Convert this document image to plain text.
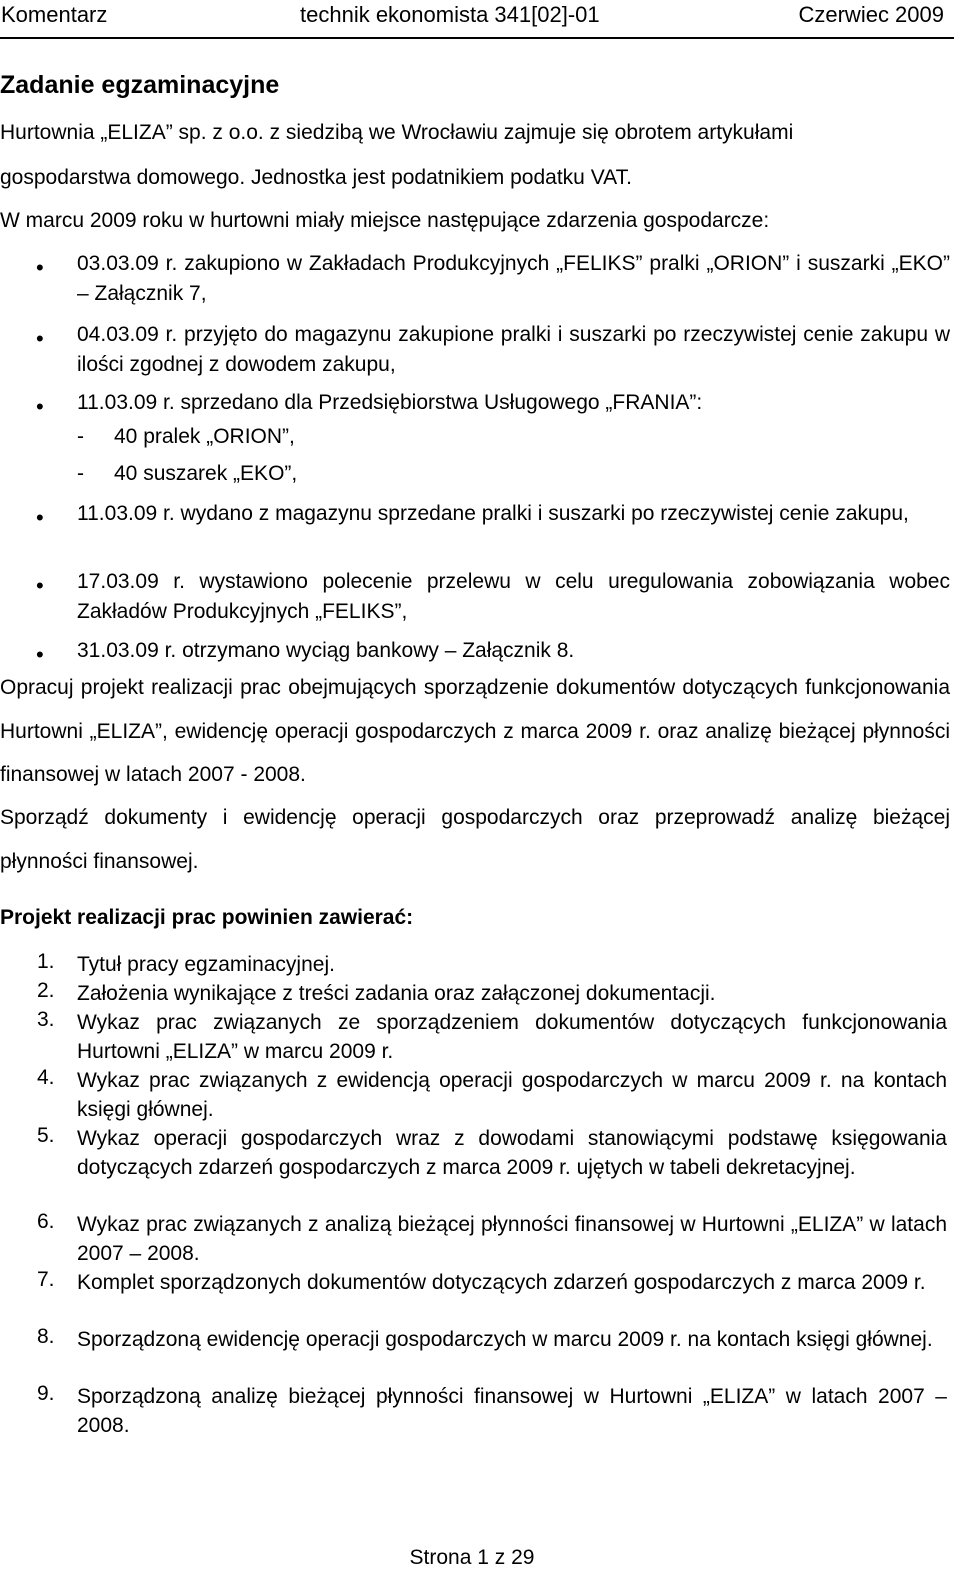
Komentarz	technik ekonomista 341[02]-01	Czerwiec 2009
Zadanie egzaminacyjne
Hurtownia „ELIZA” sp. z o.o. z siedzibą we Wrocławiu zajmuje się obrotem artykułami
gospodarstwa domowego. Jednostka jest podatnikiem podatku VAT.
W marcu 2009 roku w hurtowni miały miejsce następujące zdarzenia gospodarcze:
•
03.03.09 r. zakupiono w Zakładach Produkcyjnych „FELIKS” pralki „ORION” i suszarki „EKO” – Załącznik 7,
•
04.03.09 r. przyjęto do magazynu zakupione pralki i suszarki po rzeczywistej cenie zakupu w ilości zgodnej z dowodem zakupu,
•
11.03.09 r. sprzedano dla Przedsiębiorstwa Usługowego „FRANIA”:
- 40 pralek „ORION”,
- 40 suszarek „EKO”,
•
11.03.09 r. wydano z magazynu sprzedane pralki i suszarki po rzeczywistej cenie zakupu,
•
17.03.09 r. wystawiono polecenie przelewu w celu uregulowania zobowiązania wobec Zakładów Produkcyjnych „FELIKS”,
•
31.03.09 r. otrzymano wyciąg bankowy – Załącznik 8.
Opracuj projekt realizacji prac obejmujących sporządzenie dokumentów dotyczących funkcjonowania Hurtowni „ELIZA”, ewidencję operacji gospodarczych z marca 2009 r. oraz analizę bieżącej płynności finansowej w latach 2007 - 2008.
Sporządź dokumenty i ewidencję operacji gospodarczych oraz przeprowadź analizę bieżącej płynności finansowej.
Projekt realizacji prac powinien zawierać:
1. Tytuł pracy egzaminacyjnej.
2. Założenia wynikające z treści zadania oraz załączonej dokumentacji.
3. Wykaz prac związanych ze sporządzeniem dokumentów dotyczących funkcjonowania Hurtowni „ELIZA” w marcu 2009 r.
4. Wykaz prac związanych z ewidencją operacji gospodarczych w marcu 2009 r. na kontach księgi głównej.
5. Wykaz operacji gospodarczych wraz z dowodami stanowiącymi podstawę księgowania dotyczących zdarzeń gospodarczych z marca 2009 r. ujętych w tabeli dekretacyjnej.
6. Wykaz prac związanych z analizą bieżącej płynności finansowej w Hurtowni „ELIZA” w latach 2007 – 2008.
7. Komplet sporządzonych dokumentów dotyczących zdarzeń gospodarczych z marca 2009 r.
8. Sporządzoną ewidencję operacji gospodarczych w marcu 2009 r. na kontach księgi głównej.
9. Sporządzoną analizę bieżącej płynności finansowej w Hurtowni „ELIZA” w latach 2007 – 2008.
Strona 1 z 29
